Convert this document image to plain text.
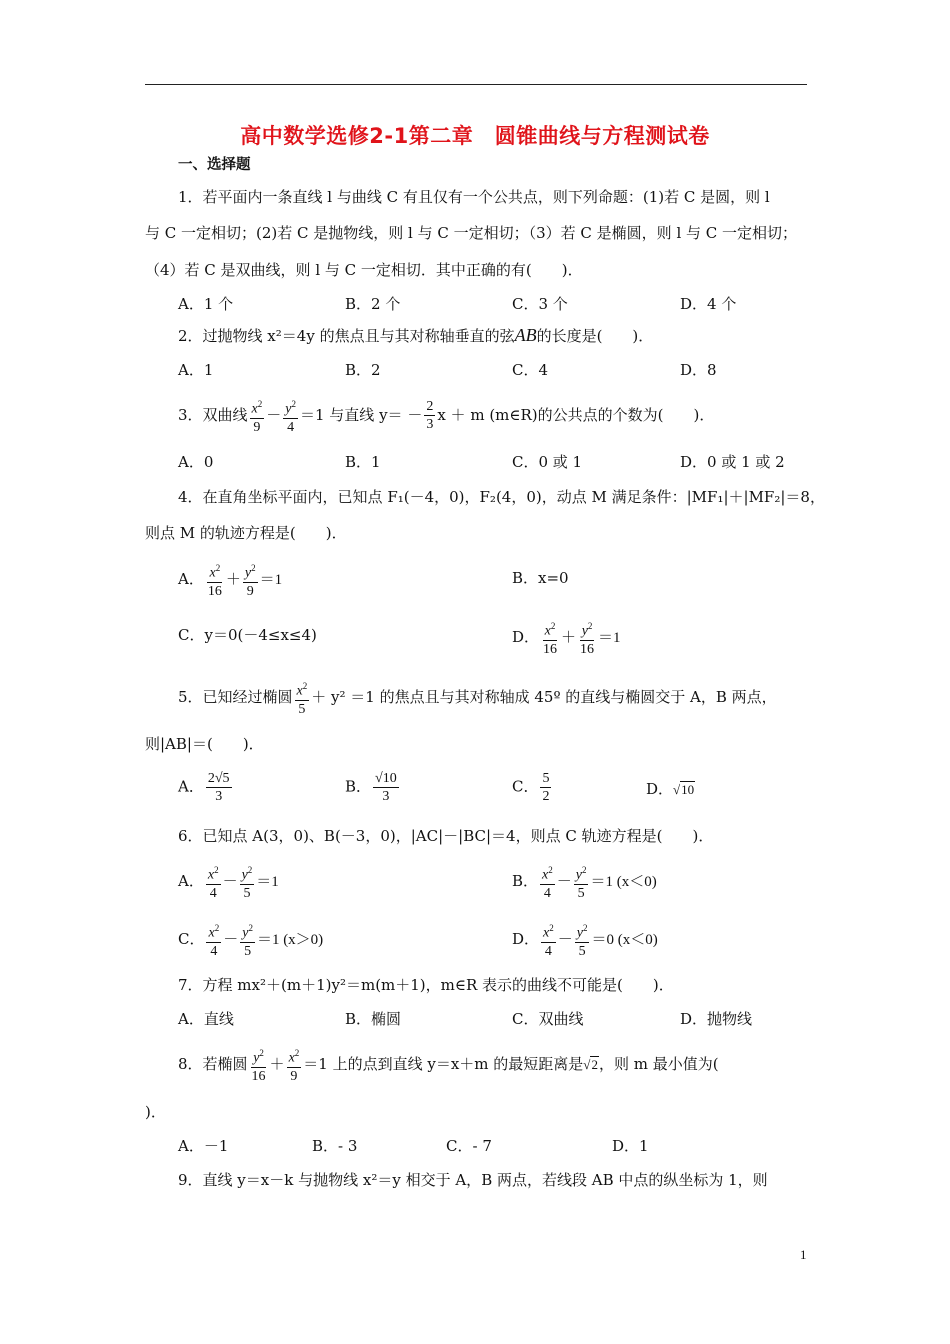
高中数学选修2-1第二章　圆锥曲线与方程测试卷
一、选择题
1．若平面内一条直线 l 与曲线 C 有且仅有一个公共点，则下列命题：(1)若 C 是圆，则 l
与 C 一定相切；(2)若 C 是抛物线，则 l 与 C 一定相切；（3）若 C 是椭圆，则 l 与 C 一定相切；
（4）若 C 是双曲线，则 l 与 C 一定相切．其中正确的有(　　)．
A．1 个	B．2 个	C．3 个	D．4 个
2．过抛物线 x²＝4y 的焦点且与其对称轴垂直的弦AB的长度是(　　)．
A．1	B．2	C．4	D．8
3．双曲线 $\frac{x^2}{9} - \frac{y^2}{4} =1$ 与直线 $y= - \frac{2}{3}$ x ＋ m (m∈R)的公共点的个数为(　　)．
A．0	B．1	C．0 或 1	D．0 或 1 或 2
4．在直角坐标平面内，已知点 F₁(－4，0)，F₂(4，0)，动点 M 满足条件：|MF₁|＋|MF₂|＝8，
则点 M 的轨迹方程是(　　)．
A． $\frac{x^2}{16} + \frac{y^2}{9} =1$	B．x=0
C．y＝0(－4≤x≤4)	D． $\frac{x^2}{16} + \frac{y^2}{16} =1$
5．已知经过椭圆 $\frac{x^2}{5} + y^2 =1$ 的焦点且与其对称轴成 45º 的直线与椭圆交于 A，B 两点，
则|AB|＝(　　)．
A． $\frac{2√5}{3}$	B． $\frac{√10}{3}$	C． $\frac{5}{2}$	D．√10
6．已知点 A(3，0)、B(－3，0)，|AC|－|BC|＝4，则点 C 轨迹方程是(　　)．
A． $\frac{x^2}{4} - \frac{y^2}{5} =1$	B． $\frac{x^2}{4} - \frac{y^2}{5} =1$ (x＜0)
C． $\frac{x^2}{4} - \frac{y^2}{5} =1$ (x＞0)	D． $\frac{x^2}{4} - \frac{y^2}{5} =0$ (x＜0)
7．方程 mx²＋(m＋1)y²＝m(m＋1)，m∈R 表示的曲线不可能是(　　)．
A．直线	B．椭圆	C．双曲线	D．抛物线
8．若椭圆 $\frac{y^2}{16} + \frac{x^2}{9} =1$ 上的点到直线 y＝x＋m 的最短距离是√2，则 m 最小值为(
)．
A．－1	B．- 3	C．- 7	D．1
9．直线 y＝x－k 与抛物线 x²＝y 相交于 A，B 两点，若线段 AB 中点的纵坐标为 1，则
1
